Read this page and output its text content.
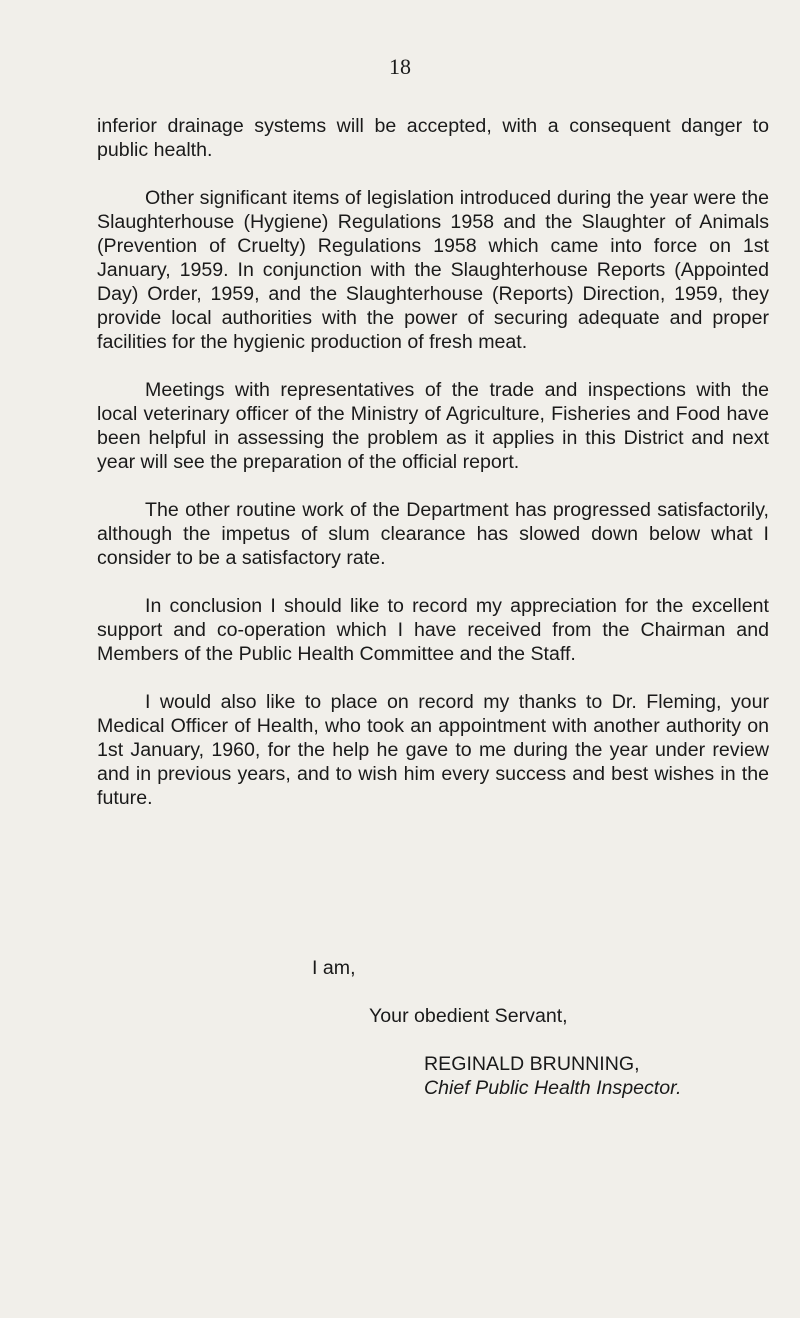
18

inferior drainage systems will be accepted, with a consequent danger to public health.

Other significant items of legislation introduced during the year were the Slaughterhouse (Hygiene) Regulations 1958 and the Slaughter of Animals (Prevention of Cruelty) Regulations 1958 which came into force on 1st January, 1959. In conjunction with the Slaughterhouse Reports (Appointed Day) Order, 1959, and the Slaughterhouse (Reports) Direction, 1959, they provide local authorities with the power of securing adequate and proper facilities for the hygienic production of fresh meat.

Meetings with representatives of the trade and inspections with the local veterinary officer of the Ministry of Agriculture, Fisheries and Food have been helpful in assessing the problem as it applies in this District and next year will see the preparation of the official report.

The other routine work of the Department has progressed satisfactorily, although the impetus of slum clearance has slowed down below what I consider to be a satisfactory rate.

In conclusion I should like to record my appreciation for the excellent support and co-operation which I have received from the Chairman and Members of the Public Health Committee and the Staff.

I would also like to place on record my thanks to Dr. Fleming, your Medical Officer of Health, who took an appointment with another authority on 1st January, 1960, for the help he gave to me during the year under review and in previous years, and to wish him every success and best wishes in the future.

I am,
Your obedient Servant,
REGINALD BRUNNING,
Chief Public Health Inspector.
